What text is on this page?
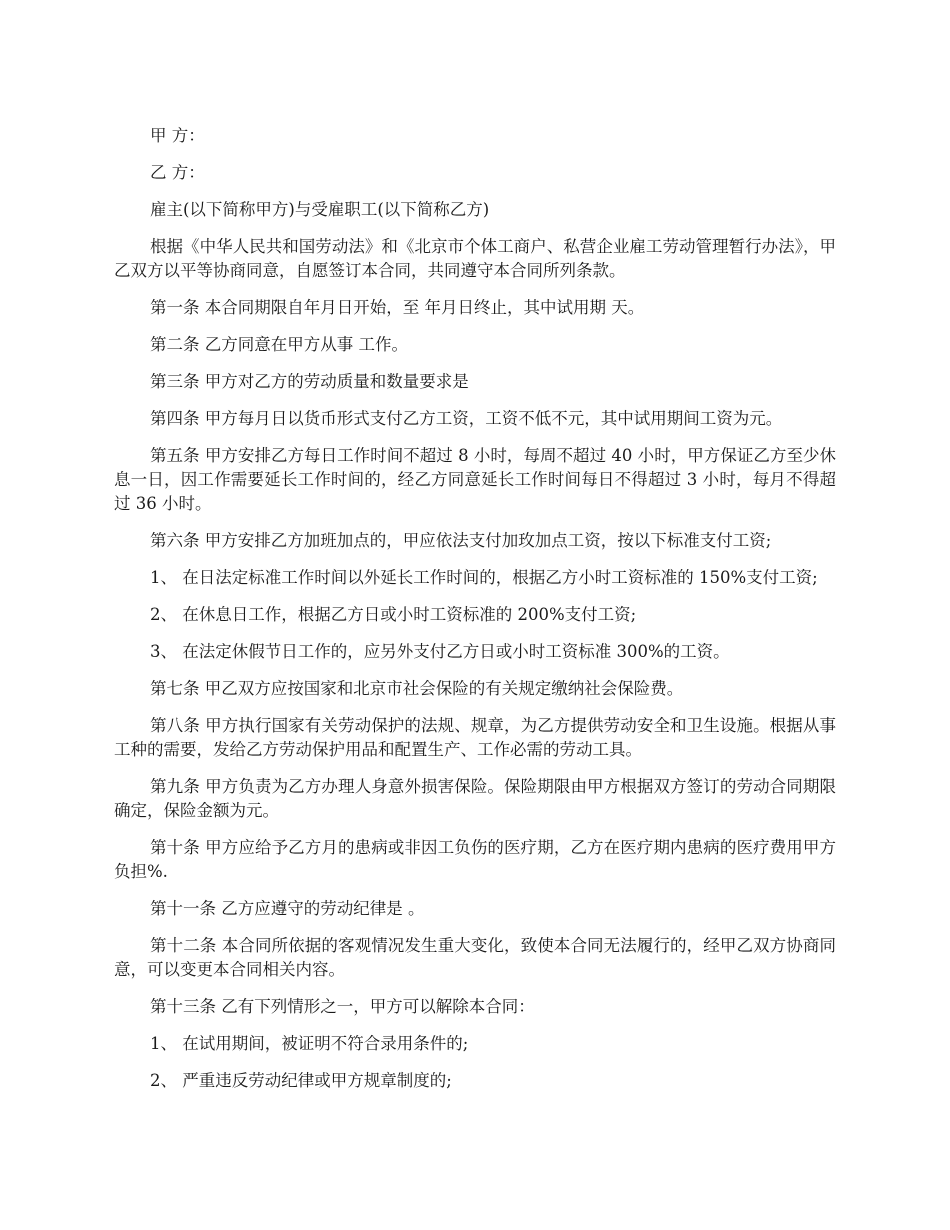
甲 方：

乙 方：

雇主(以下简称甲方)与受雇职工(以下简称乙方)

根据《中华人民共和国劳动法》和《北京市个体工商户、私营企业雇工劳动管理暂行办法》，甲乙双方以平等协商同意，自愿签订本合同，共同遵守本合同所列条款。

第一条 本合同期限自年月日开始，至 年月日终止，其中试用期 天。

第二条 乙方同意在甲方从事 工作。

第三条 甲方对乙方的劳动质量和数量要求是

第四条 甲方每月日以货币形式支付乙方工资，工资不低不元，其中试用期间工资为元。

第五条 甲方安排乙方每日工作时间不超过 8 小时，每周不超过 40 小时，甲方保证乙方至少休息一日，因工作需要延长工作时间的，经乙方同意延长工作时间每日不得超过 3 小时，每月不得超过 36 小时。

第六条 甲方安排乙方加班加点的，甲应依法支付加玫加点工资，按以下标准支付工资;

1、 在日法定标准工作时间以外延长工作时间的，根据乙方小时工资标准的 150%支付工资;

2、 在休息日工作，根据乙方日或小时工资标准的 200%支付工资;

3、 在法定休假节日工作的，应另外支付乙方日或小时工资标准 300%的工资。

第七条 甲乙双方应按国家和北京市社会保险的有关规定缴纳社会保险费。

第八条 甲方执行国家有关劳动保护的法规、规章，为乙方提供劳动安全和卫生设施。根据从事工种的需要，发给乙方劳动保护用品和配置生产、工作必需的劳动工具。

第九条 甲方负责为乙方办理人身意外损害保险。保险期限由甲方根据双方签订的劳动合同期限确定，保险金额为元。

第十条 甲方应给予乙方月的患病或非因工负伤的医疗期，乙方在医疗期内患病的医疗费用甲方负担%.

第十一条 乙方应遵守的劳动纪律是 。

第十二条 本合同所依据的客观情况发生重大变化，致使本合同无法履行的，经甲乙双方协商同意，可以变更本合同相关内容。

第十三条 乙有下列情形之一，甲方可以解除本合同：

1、 在试用期间，被证明不符合录用条件的;

2、 严重违反劳动纪律或甲方规章制度的;
